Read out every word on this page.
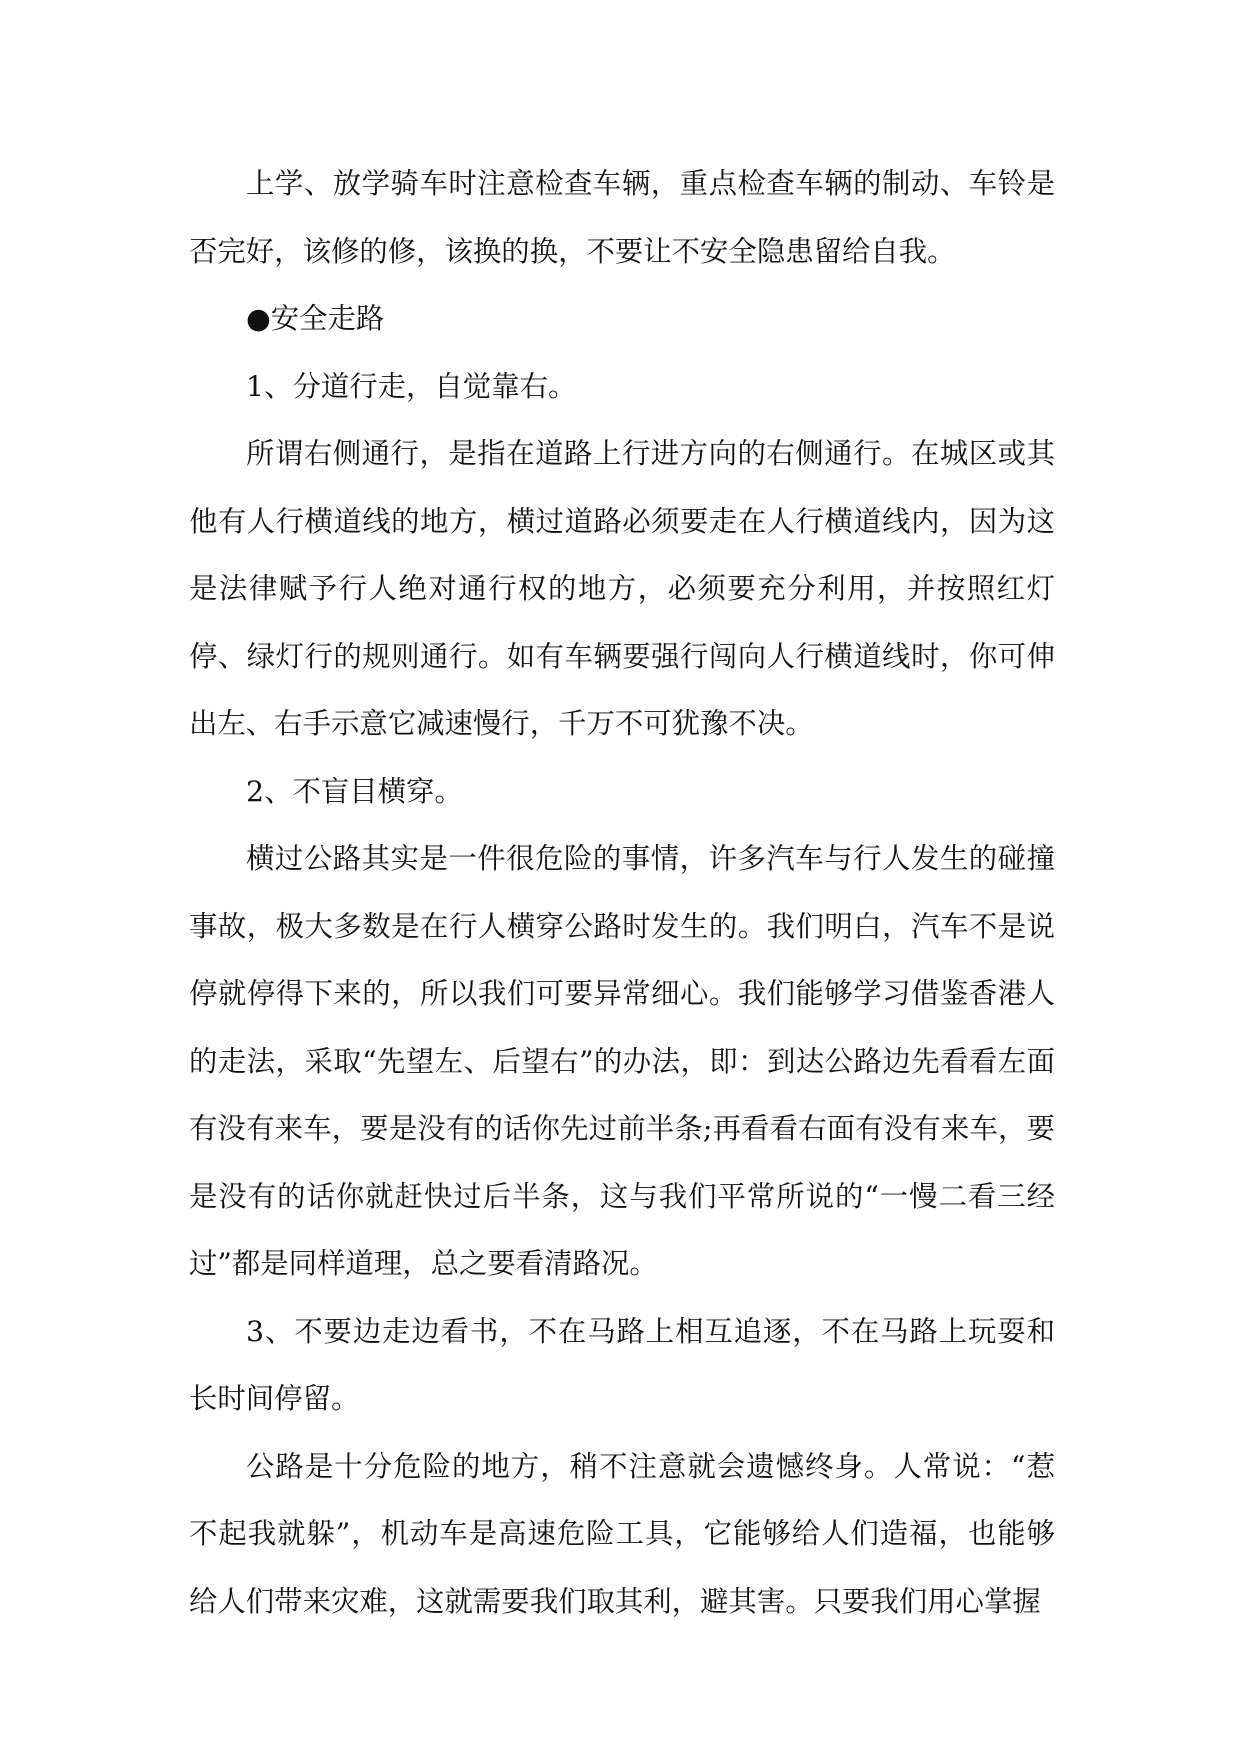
上学、放学骑车时注意检查车辆，重点检查车辆的制动、车铃是否完好，该修的修，该换的换，不要让不安全隐患留给自我。

●安全走路

1、分道行走，自觉靠右。

所谓右侧通行，是指在道路上行进方向的右侧通行。在城区或其他有人行横道线的地方，横过道路必须要走在人行横道线内，因为这是法律赋予行人绝对通行权的地方，必须要充分利用，并按照红灯停、绿灯行的规则通行。如有车辆要强行闯向人行横道线时，你可伸出左、右手示意它减速慢行，千万不可犹豫不决。

2、不盲目横穿。

横过公路其实是一件很危险的事情，许多汽车与行人发生的碰撞事故，极大多数是在行人横穿公路时发生的。我们明白，汽车不是说停就停得下来的，所以我们可要异常细心。我们能够学习借鉴香港人的走法，采取“先望左、后望右”的办法，即：到达公路边先看看左面有没有来车，要是没有的话你先过前半条;再看看右面有没有来车，要是没有的话你就赶快过后半条，这与我们平常所说的“一慢二看三经过”都是同样道理，总之要看清路况。

3、不要边走边看书，不在马路上相互追逐，不在马路上玩耍和长时间停留。

公路是十分危险的地方，稍不注意就会遗憾终身。人常说：“惹不起我就躲”，机动车是高速危险工具，它能够给人们造福，也能够给人们带来灾难，这就需要我们取其利，避其害。只要我们用心掌握
